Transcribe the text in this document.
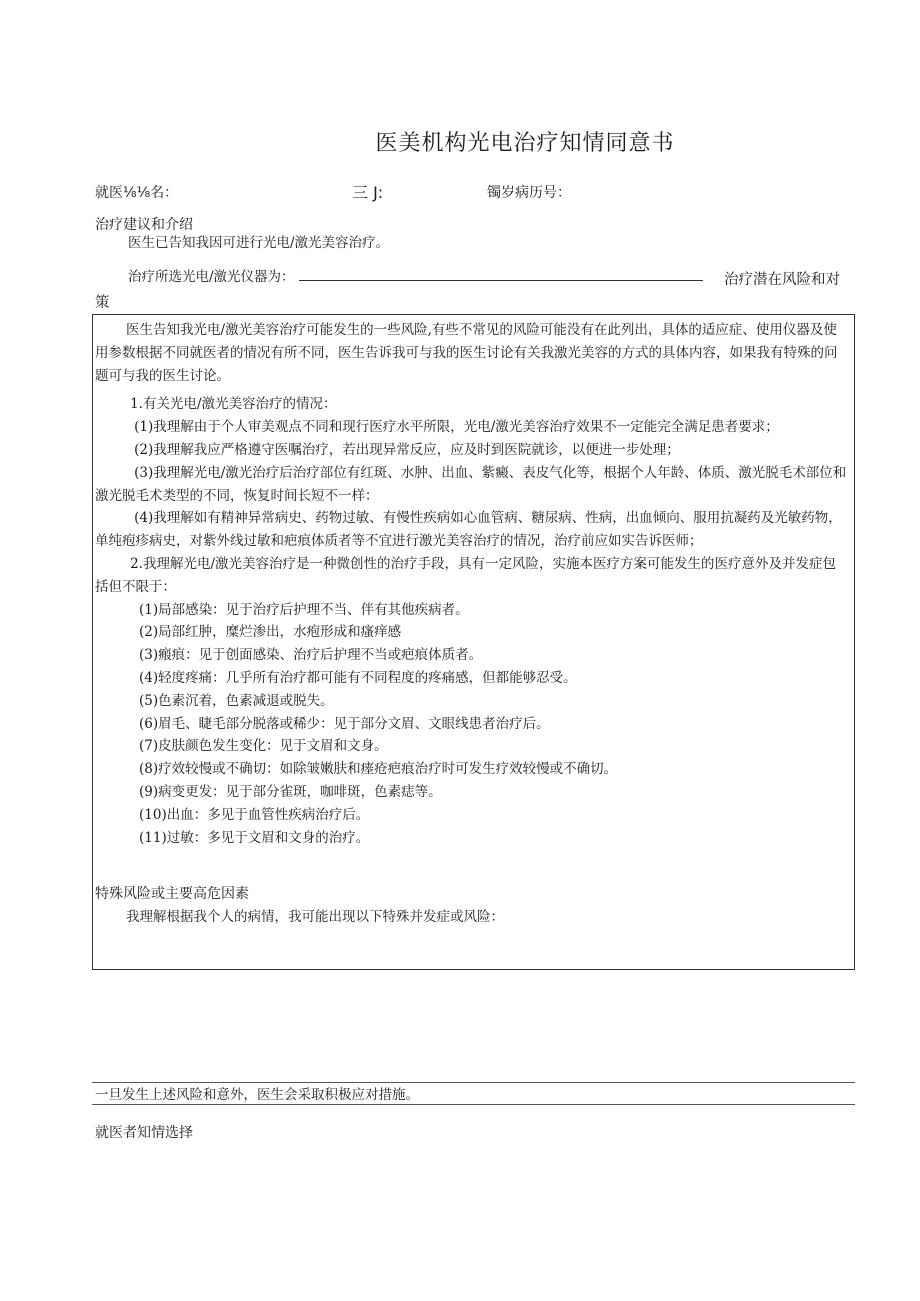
医美机构光电治疗知情同意书
就医⅛⅛名：	三 J:	镯岁病历号：
治疗建议和介绍
医生已告知我因可进行光电/激光美容治疗。
治疗所选光电/激光仪器为：	治疗潜在风险和对
策

医生告知我光电/激光美容治疗可能发生的一些风险,有些不常见的风险可能没有在此列出，具体的适应症、使用仪器及使用参数根据不同就医者的情况有所不同，医生告诉我可与我的医生讨论有关我激光美容的方式的具体内容，如果我有特殊的问题可与我的医生讨论。

1.有关光电/激光美容治疗的情况：

(1)我理解由于个人审美观点不同和现行医疗水平所限，光电/激光美容治疗效果不一定能完全满足患者要求；

(2)我理解我应严格遵守医嘱治疗，若出现异常反应，应及时到医院就诊，以便进一步处理；

(3)我理解光电/激光治疗后治疗部位有红斑、水肿、出血、紫癜、表皮气化等，根据个人年龄、体质、激光脱毛术部位和激光脱毛术类型的不同，恢复时间长短不一样：

(4)我理解如有精神异常病史、药物过敏、有慢性疾病如心血管病、糖尿病、性病，出血倾向、服用抗凝药及光敏药物，单纯疱疹病史，对紫外线过敏和疤痕体质者等不宜进行激光美容治疗的情况，治疗前应如实告诉医师；

2.我理解光电/激光美容治疗是一种微创性的治疗手段，具有一定风险，实施本医疗方案可能发生的医疗意外及并发症包括但不限于：

(1)局部感染：见于治疗后护理不当、伴有其他疾病者。

(2)局部红肿，糜烂渗出，水疱形成和瘙痒感

(3)瘢痕：见于创面感染、治疗后护理不当或疤痕体质者。

(4)轻度疼痛：几乎所有治疗都可能有不同程度的疼痛感，但都能够忍受。

(5)色素沉着，色素减退或脱失。

(6)眉毛、睫毛部分脱落或稀少：见于部分文眉、文眼线患者治疗后。

(7)皮肤颜色发生变化：见于文眉和文身。

(8)疗效较慢或不确切：如除皱嫩肤和瘗疮疤痕治疗时可发生疗效较慢或不确切。

(9)病变更发：见于部分雀斑，咖啡斑，色素痣等。

(10)出血：多见于血管性疾病治疗后。

(11)过敏：多见于文眉和文身的治疗。

特殊风险或主要高危因素

我理解根据我个人的病情，我可能出现以下特殊并发症或风险：

一旦发生上述风险和意外，医生会采取积极应对措施。
就医者知情选择
